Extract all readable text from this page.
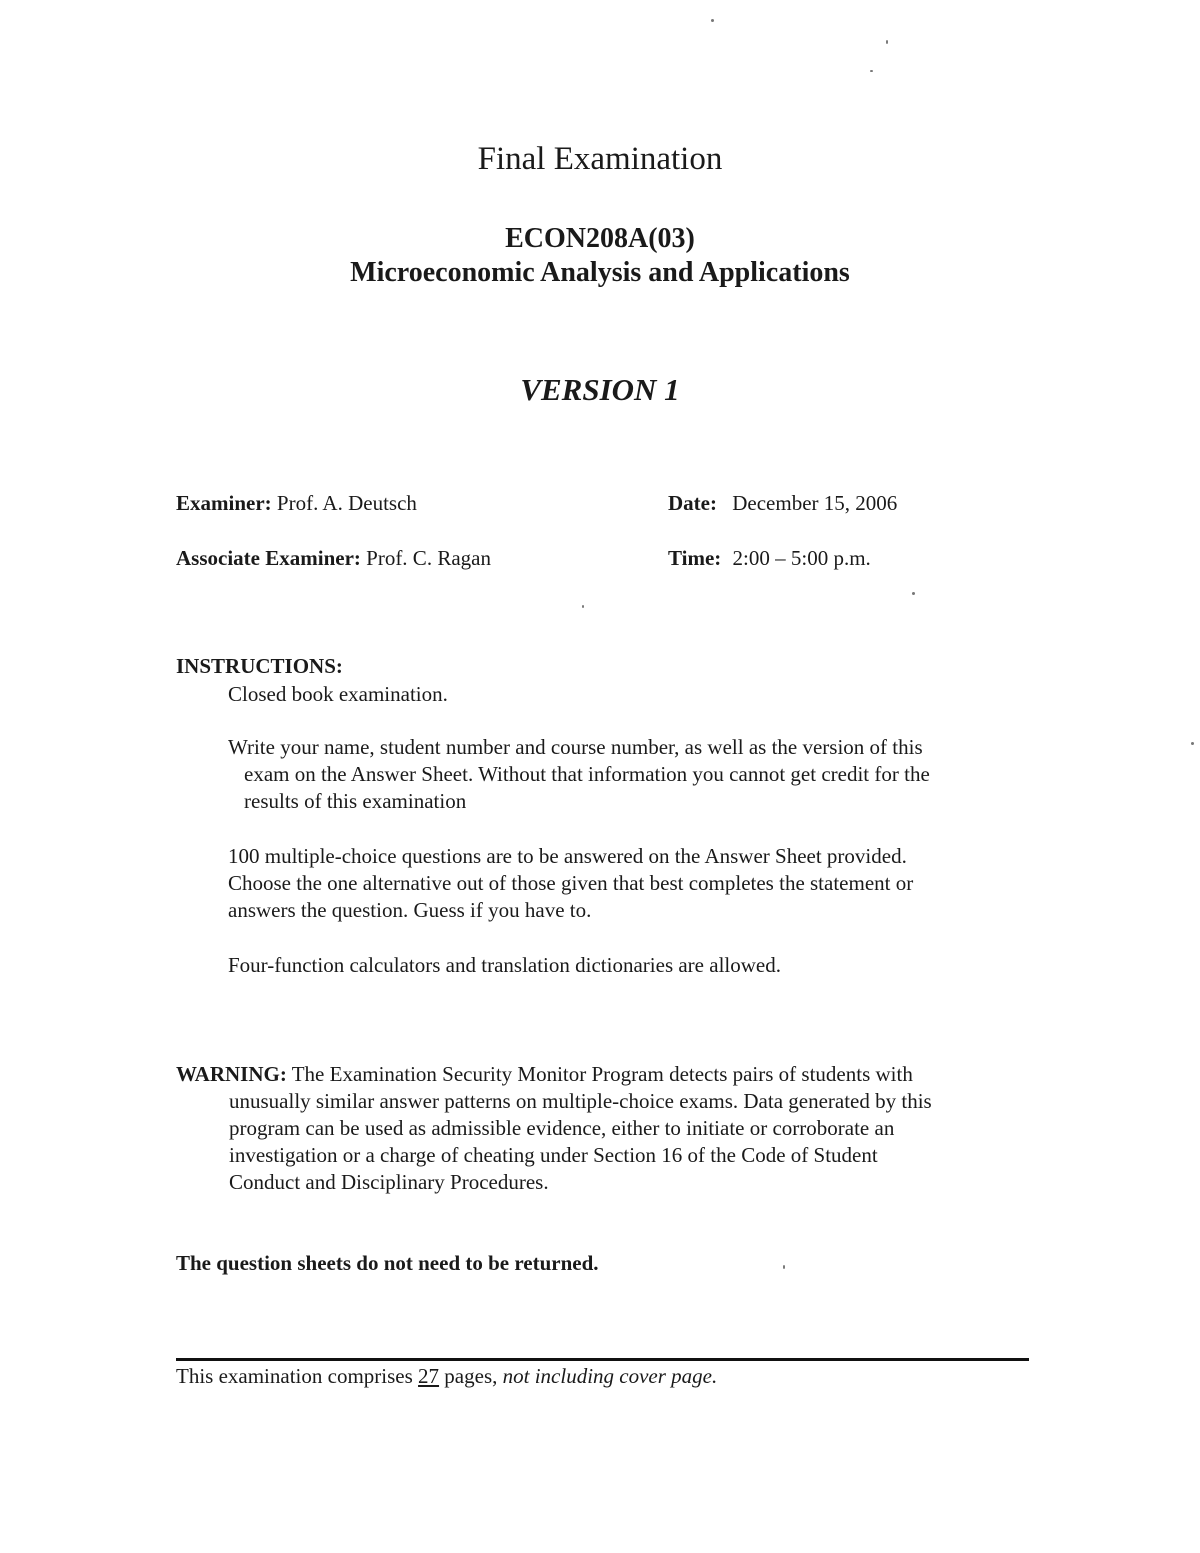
Final Examination
ECON208A(03)
Microeconomic Analysis and Applications
VERSION 1
Examiner: Prof. A. Deutsch
Associate Examiner: Prof. C. Ragan
Date: December 15, 2006
Time: 2:00 – 5:00 p.m.
INSTRUCTIONS:
Closed book examination.
Write your name, student number and course number, as well as the version of this
exam on the Answer Sheet. Without that information you cannot get credit for the
results of this examination
100 multiple-choice questions are to be answered on the Answer Sheet provided.
Choose the one alternative out of those given that best completes the statement or
answers the question. Guess if you have to.
Four-function calculators and translation dictionaries are allowed.
WARNING: The Examination Security Monitor Program detects pairs of students with
unusually similar answer patterns on multiple-choice exams. Data generated by this
program can be used as admissible evidence, either to initiate or corroborate an
investigation or a charge of cheating under Section 16 of the Code of Student
Conduct and Disciplinary Procedures.
The question sheets do not need to be returned.
This examination comprises 27 pages, not including cover page.
